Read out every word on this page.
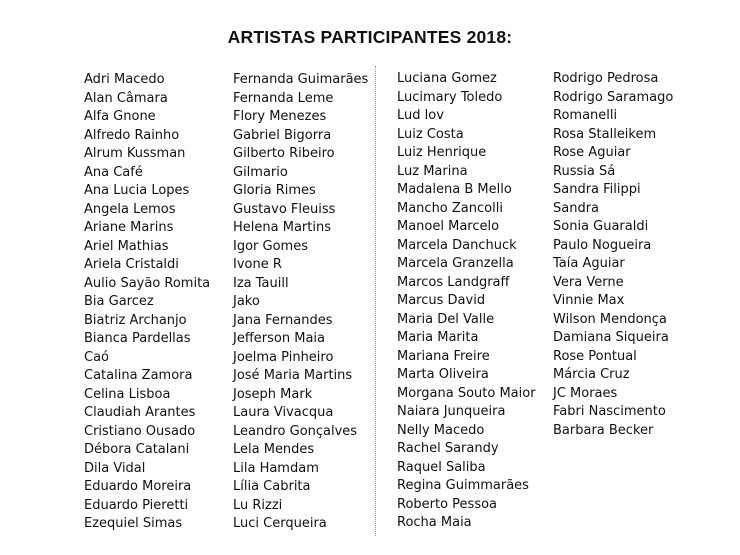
ARTISTAS PARTICIPANTES 2018:
Adri Macedo
Alan Câmara
Alfa Gnone
Alfredo Rainho
Alrum Kussman
Ana Café
Ana Lucia Lopes
Angela Lemos
Ariane Marins
Ariel Mathias
Ariela Cristaldi
Aulio Sayão Romita
Bia Garcez
Biatriz Archanjo
Bianca Pardellas
Caó
Catalina Zamora
Celina Lisboa
Claudiah Arantes
Cristiano Ousado
Débora Catalani
Dila Vidal
Eduardo Moreira
Eduardo Pieretti
Ezequiel Simas
Fernanda Guimarães
Fernanda Leme
Flory Menezes
Gabriel Bigorra
Gilberto Ribeiro
Gilmario
Gloria Rimes
Gustavo Fleuiss
Helena Martins
Igor Gomes
Ivone R
Iza Tauill
Jako
Jana Fernandes
Jefferson Maia
Joelma Pinheiro
José Maria Martins
Joseph Mark
Laura Vivacqua
Leandro Gonçalves
Lela Mendes
Lila Hamdam
Lília Cabrita
Lu Rizzi
Luci Cerqueira
Luciana Gomez
Lucimary Toledo
Lud lov
Luiz Costa
Luiz Henrique
Luz Marina
Madalena B Mello
Mancho Zancolli
Manoel Marcelo
Marcela Danchuck
Marcela Granzella
Marcos Landgraff
Marcus David
Maria Del Valle
Maria Marita
Mariana Freire
Marta Oliveira
Morgana Souto Maior
Naiara Junqueira
Nelly Macedo
Rachel Sarandy
Raquel Saliba
Regina Guimmarães
Roberto Pessoa
Rocha Maia
Rodrigo Pedrosa
Rodrigo Saramago
Romanelli
Rosa Stalleikem
Rose Aguiar
Russia Sá
Sandra Filippi
Sandra
Sonia Guaraldi
Paulo Nogueira
Taía Aguiar
Vera Verne
Vinnie Max
Wilson Mendonça
Damiana Siqueira
Rose Pontual
Márcia Cruz
JC Moraes
Fabri Nascimento
Barbara Becker
